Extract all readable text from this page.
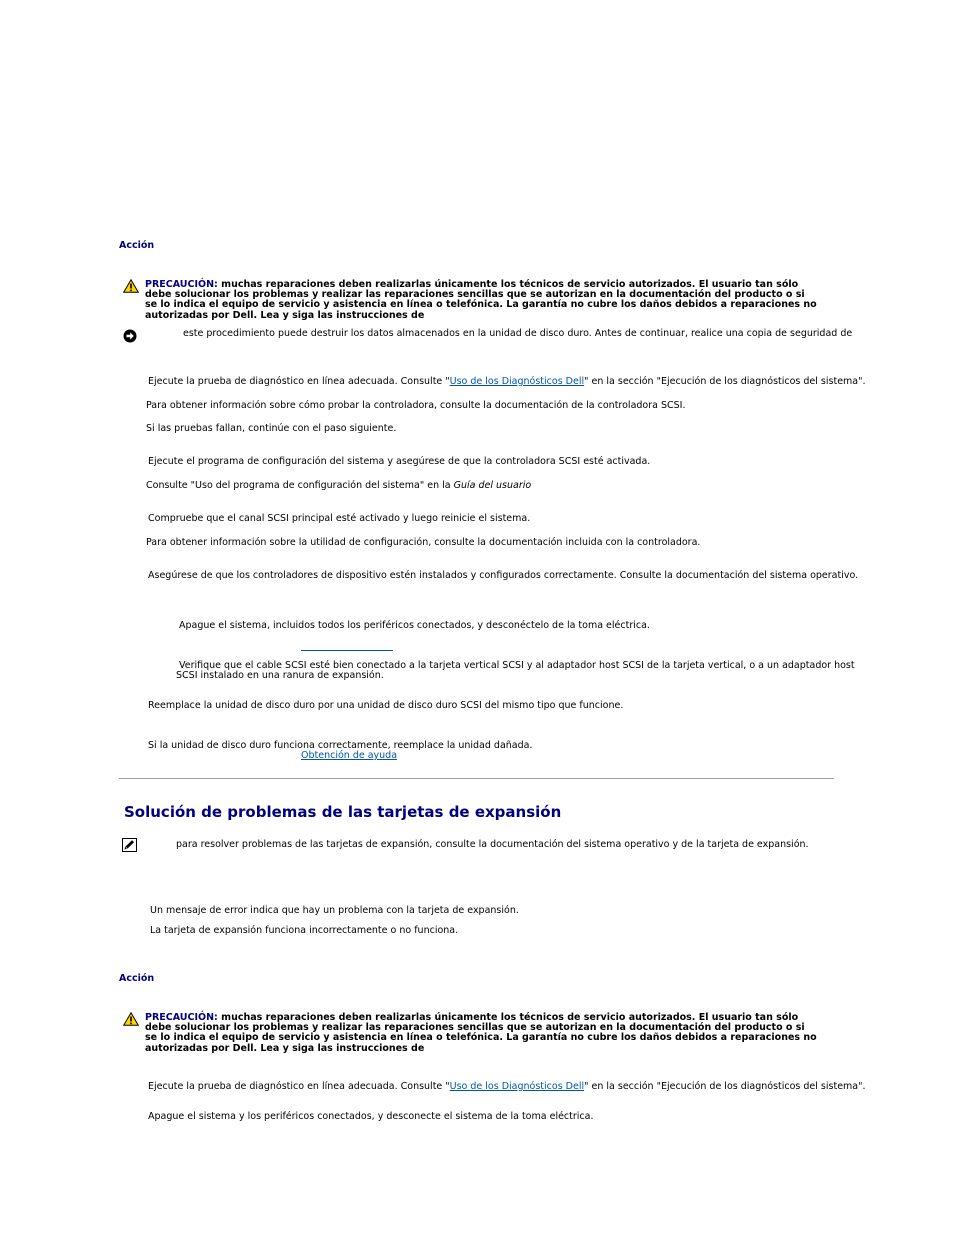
Acción
PRECAUCIÓN: muchas reparaciones deben realizarlas únicamente los técnicos de servicio autorizados. El usuario tan sólo debe solucionar los problemas y realizar las reparaciones sencillas que se autorizan en la documentación del producto o si se lo indica el equipo de servicio y asistencia en línea o telefónica. La garantía no cubre los daños debidos a reparaciones no autorizadas por Dell. Lea y siga las instrucciones de
este procedimiento puede destruir los datos almacenados en la unidad de disco duro. Antes de continuar, realice una copia de seguridad de
Ejecute la prueba de diagnóstico en línea adecuada. Consulte "Uso de los Diagnósticos Dell" en la sección "Ejecución de los diagnósticos del sistema".
Para obtener información sobre cómo probar la controladora, consulte la documentación de la controladora SCSI.
Si las pruebas fallan, continúe con el paso siguiente.
Ejecute el programa de configuración del sistema y asegúrese de que la controladora SCSI esté activada.
Consulte "Uso del programa de configuración del sistema" en la Guía del usuario
Compruebe que el canal SCSI principal esté activado y luego reinicie el sistema.
Para obtener información sobre la utilidad de configuración, consulte la documentación incluida con la controladora.
Asegúrese de que los controladores de dispositivo estén instalados y configurados correctamente. Consulte la documentación del sistema operativo.
Apague el sistema, incluidos todos los periféricos conectados, y desconéctelo de la toma eléctrica.
Verifique que el cable SCSI esté bien conectado a la tarjeta vertical SCSI y al adaptador host SCSI de la tarjeta vertical, o a un adaptador host
SCSI instalado en una ranura de expansión.
Reemplace la unidad de disco duro por una unidad de disco duro SCSI del mismo tipo que funcione.
Si la unidad de disco duro funciona correctamente, reemplace la unidad dañada.
Obtención de ayuda
Solución de problemas de las tarjetas de expansión
para resolver problemas de las tarjetas de expansión, consulte la documentación del sistema operativo y de la tarjeta de expansión.
Un mensaje de error indica que hay un problema con la tarjeta de expansión.
La tarjeta de expansión funciona incorrectamente o no funciona.
Acción
PRECAUCIÓN: muchas reparaciones deben realizarlas únicamente los técnicos de servicio autorizados. El usuario tan sólo debe solucionar los problemas y realizar las reparaciones sencillas que se autorizan en la documentación del producto o si se lo indica el equipo de servicio y asistencia en línea o telefónica. La garantía no cubre los daños debidos a reparaciones no autorizadas por Dell. Lea y siga las instrucciones de
Ejecute la prueba de diagnóstico en línea adecuada. Consulte "Uso de los Diagnósticos Dell" en la sección "Ejecución de los diagnósticos del sistema".
Apague el sistema y los periféricos conectados, y desconecte el sistema de la toma eléctrica.
